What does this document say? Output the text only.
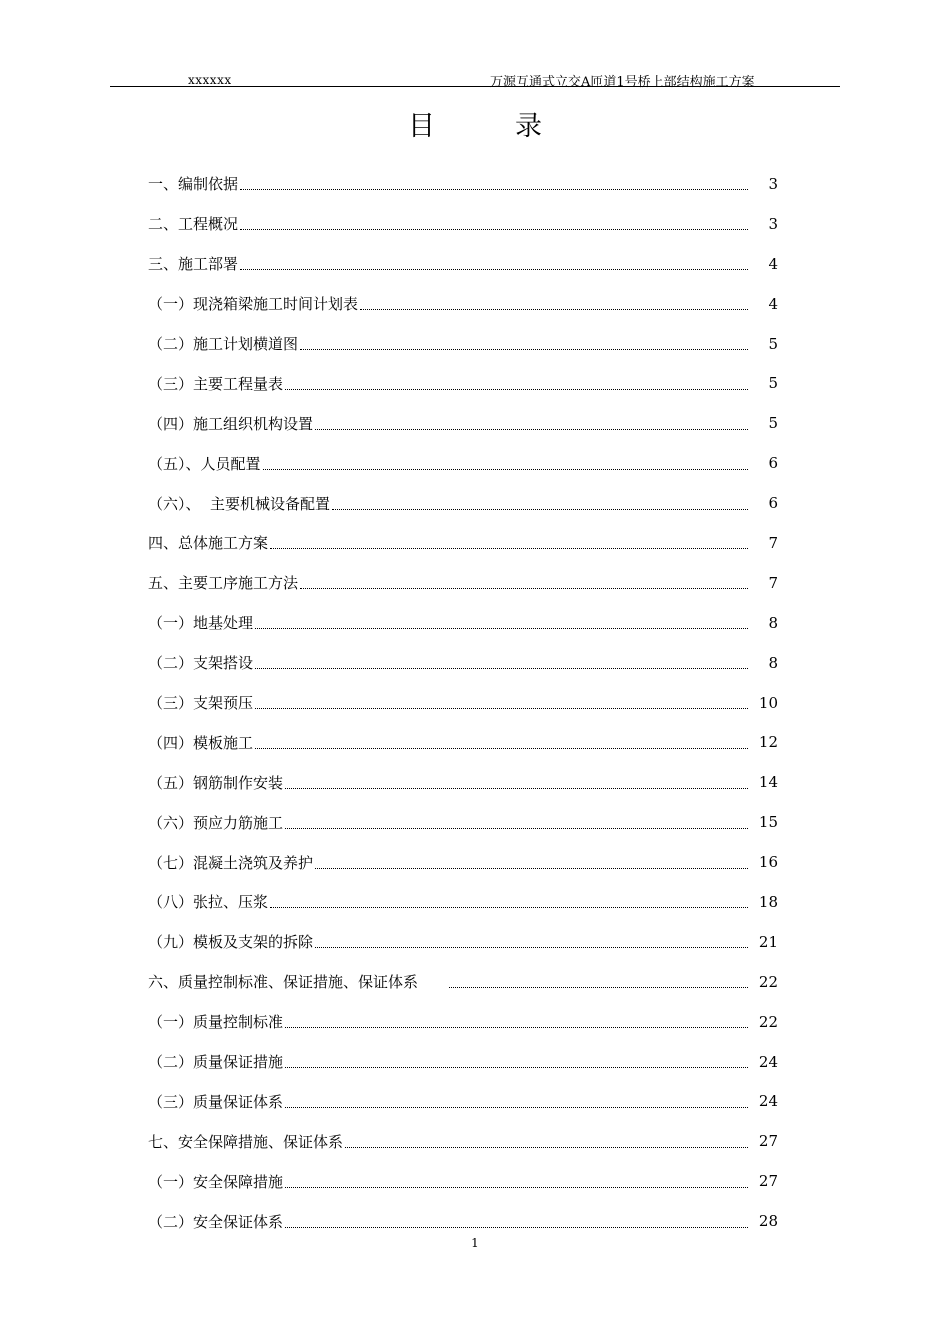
xxxxxx	万源互通式立交A匝道1号桥上部结构施工方案
目录
一、编制依据	3
二、工程概况	3
三、施工部署	4
（一）现浇箱梁施工时间计划表	4
（二）施工计划横道图	5
（三）主要工程量表	5
（四）施工组织机构设置	5
（五）、人员配置	6
（六）、  主要机械设备配置	6
四、总体施工方案	7
五、主要工序施工方法	7
（一）地基处理	8
（二）支架搭设	8
（三）支架预压	10
（四）模板施工	12
（五）钢筋制作安装	14
（六）预应力筋施工	15
（七）混凝土浇筑及养护	16
（八）张拉、压浆	18
（九）模板及支架的拆除	21
六、质量控制标准、保证措施、保证体系	22
（一）质量控制标准	22
（二）质量保证措施	24
（三）质量保证体系	24
七、安全保障措施、保证体系	27
（一）安全保障措施	27
（二）安全保证体系	28
1
